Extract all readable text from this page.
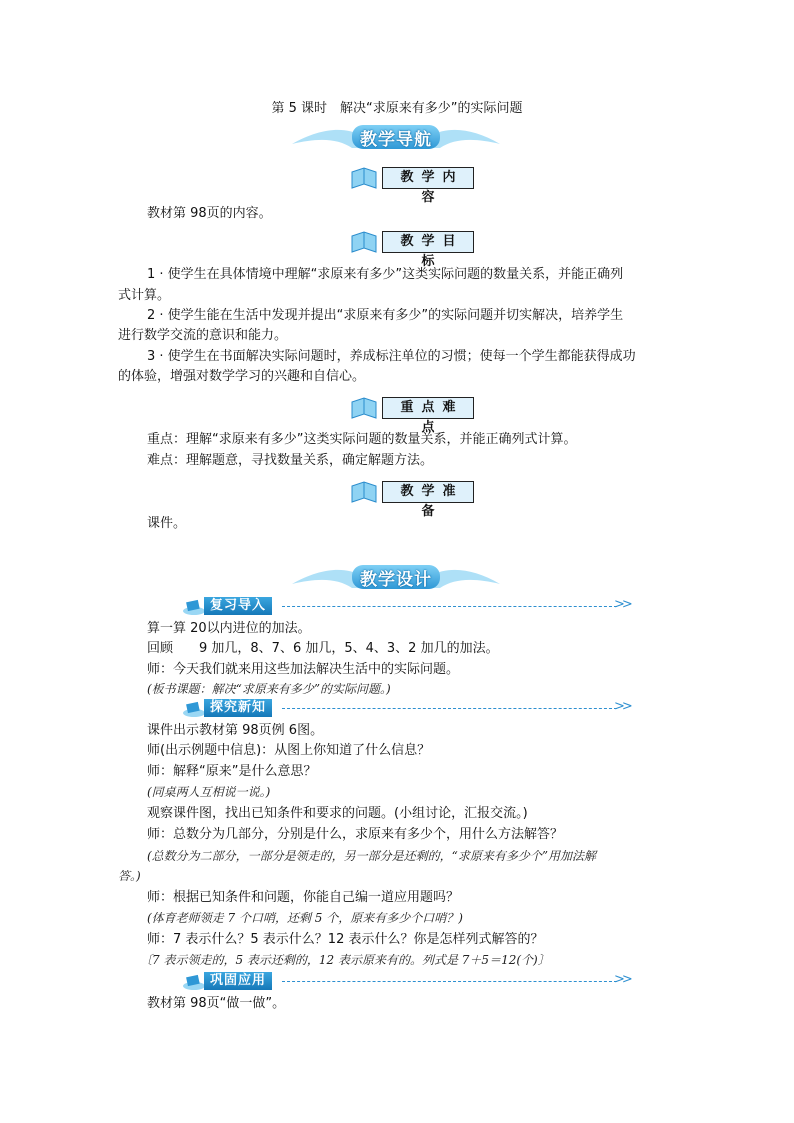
第 5 课时　解决“求原来有多少”的实际问题
教学导航
教学内容
教材第 98页的内容。
教学目标
1 · 使学生在具体情境中理解“求原来有多少”这类实际问题的数量关系，并能正确列
式计算。
2 · 使学生能在生活中发现并提出“求原来有多少”的实际问题并切实解决，培养学生
进行数学交流的意识和能力。
3 · 使学生在书面解决实际问题时，养成标注单位的习惯；使每一个学生都能获得成功
的体验，增强对数学学习的兴趣和自信心。
重点难点
重点：理解“求原来有多少”这类实际问题的数量关系，并能正确列式计算。
难点：理解题意，寻找数量关系，确定解题方法。
教学准备
课件。
教学设计
复习导入	>>
算一算 20以内进位的加法。
回顾　　9 加几，8、7、6 加几，5、4、3、2 加几的加法。
师：今天我们就来用这些加法解决生活中的实际问题。
(板书课题：解决“求原来有多少”的实际问题。)
探究新知	>>
课件出示教材第 98页例 6图。
师(出示例题中信息)：从图上你知道了什么信息？
师：解释“原来”是什么意思？
(同桌两人互相说一说。)
观察课件图，找出已知条件和要求的问题。(小组讨论，汇报交流。)
师：总数分为几部分，分别是什么，求原来有多少个，用什么方法解答？
(总数分为二部分，一部分是领走的，另一部分是还剩的，“求原来有多少个”用加法解
答。)
师：根据已知条件和问题，你能自己编一道应用题吗？
(体育老师领走 7 个口哨，还剩 5 个，原来有多少个口哨？)
师：7 表示什么？5 表示什么？12 表示什么？你是怎样列式解答的？
〔7 表示领走的，5 表示还剩的，12 表示原来有的。列式是 7＋5＝12(个)〕
巩固应用	>>
教材第 98页“做一做”。
